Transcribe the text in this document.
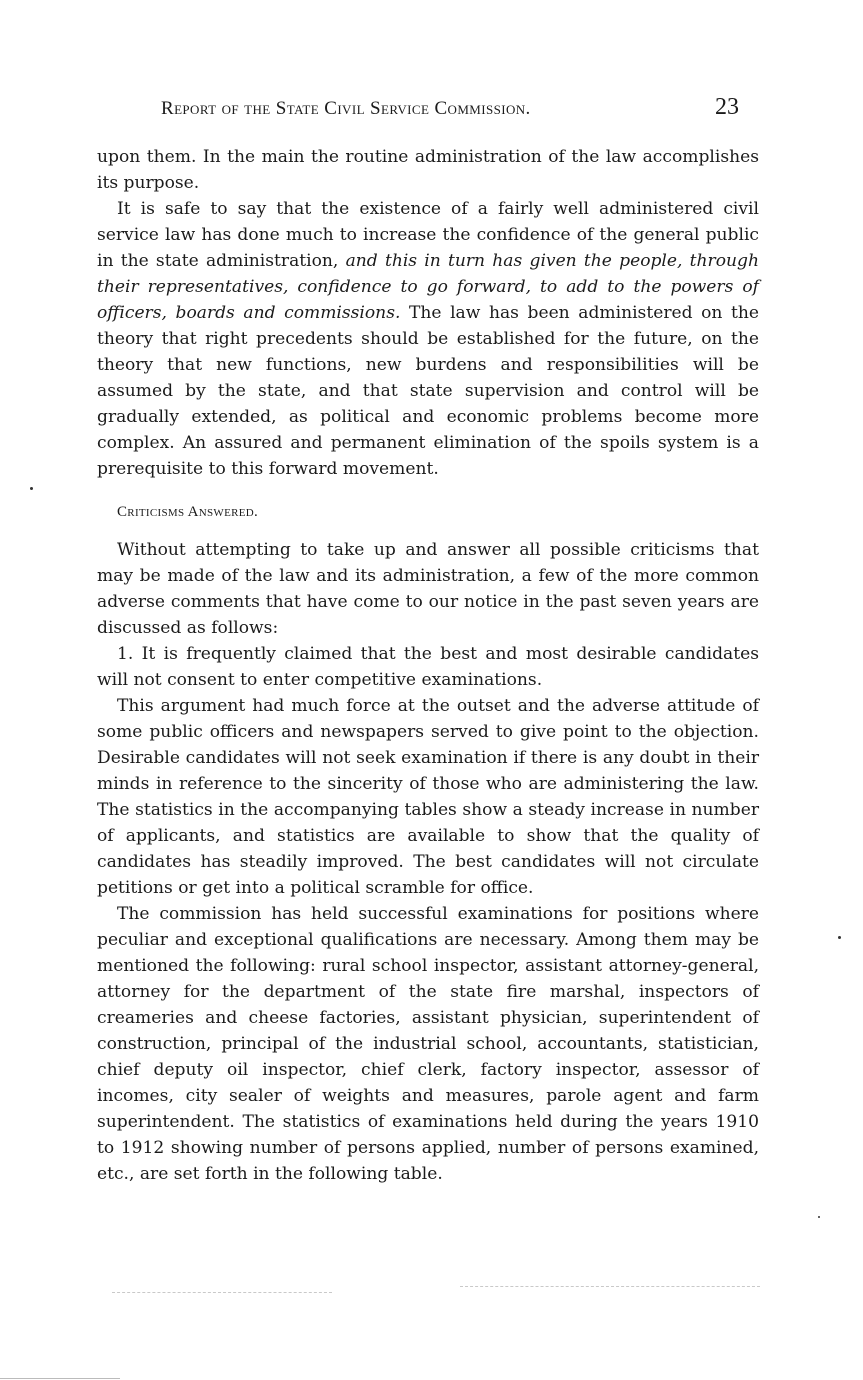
Report of the State Civil Service Commission.	23

upon them. In the main the routine administration of the law accomplishes its purpose.

It is safe to say that the existence of a fairly well administered civil service law has done much to increase the confidence of the general public in the state administration, and this in turn has given the people, through their representatives, confidence to go forward, to add to the powers of officers, boards and commissions. The law has been administered on the theory that right precedents should be established for the future, on the theory that new functions, new burdens and responsibilities will be assumed by the state, and that state supervision and control will be gradually extended, as political and economic problems become more complex. An assured and permanent elimination of the spoils system is a prerequisite to this forward movement.

Criticisms Answered.

Without attempting to take up and answer all possible criticisms that may be made of the law and its administration, a few of the more common adverse comments that have come to our notice in the past seven years are discussed as follows:

1. It is frequently claimed that the best and most desirable candidates will not consent to enter competitive examinations.

This argument had much force at the outset and the adverse attitude of some public officers and newspapers served to give point to the objection. Desirable candidates will not seek examination if there is any doubt in their minds in reference to the sincerity of those who are administering the law. The statistics in the accompanying tables show a steady increase in number of applicants, and statistics are available to show that the quality of candidates has steadily improved. The best candidates will not circulate petitions or get into a political scramble for office.

The commission has held successful examinations for positions where peculiar and exceptional qualifications are necessary. Among them may be mentioned the following: rural school inspector, assistant attorney-general, attorney for the department of the state fire marshal, inspectors of creameries and cheese factories, assistant physician, superintendent of construction, principal of the industrial school, accountants, statistician, chief deputy oil inspector, chief clerk, factory inspector, assessor of incomes, city sealer of weights and measures, parole agent and farm superintendent. The statistics of examinations held during the years 1910 to 1912 showing number of persons applied, number of persons examined, etc., are set forth in the following table.
